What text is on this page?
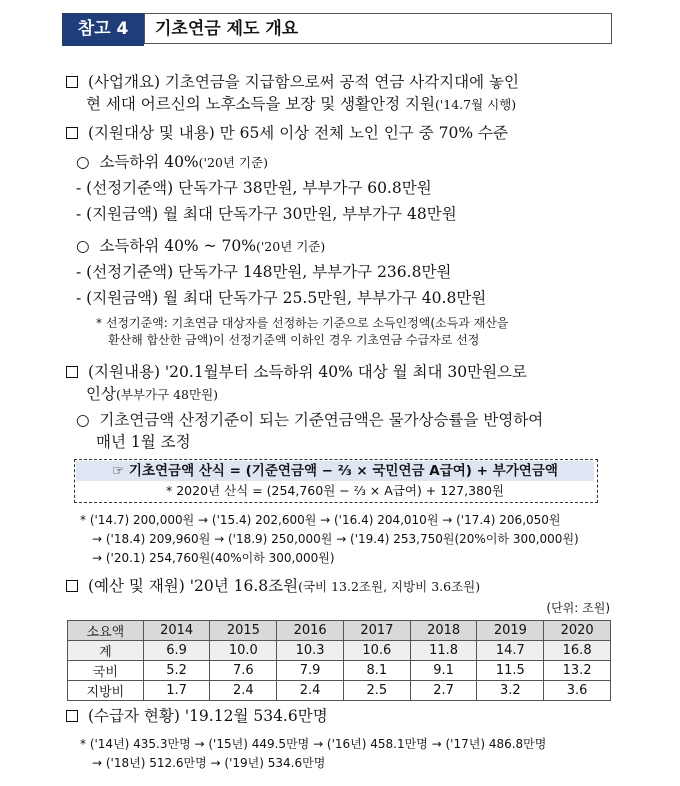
참고 4	기초연금 제도 개요
(사업개요) 기초연금을 지급함으로써 공적 연금 사각지대에 놓인
현 세대 어르신의 노후소득을 보장 및 생활안정 지원('14.7월 시행)
(지원대상 및 내용) 만 65세 이상 전체 노인 인구 중 70% 수준
○  소득하위 40%('20년 기준)
- (선정기준액) 단독가구 38만원, 부부가구 60.8만원
- (지원금액) 월 최대 단독가구 30만원, 부부가구 48만원
○  소득하위 40% ~ 70%('20년 기준)
- (선정기준액) 단독가구 148만원, 부부가구 236.8만원
- (지원금액) 월 최대 단독가구 25.5만원, 부부가구 40.8만원
* 선정기준액: 기초연금 대상자를 선정하는 기준으로 소득인정액(소득과 재산을
환산해 합산한 금액)이 선정기준액 이하인 경우 기초연금 수급자로 선정
(지원내용) '20.1월부터 소득하위 40% 대상 월 최대 30만원으로
인상(부부가구 48만원)
○  기초연금액 산정기준이 되는 기준연금액은 물가상승률을 반영하여
매년 1월 조정
☞ 기초연금액 산식 = (기준연금액 − ⅔ × 국민연금 A급여) + 부가연금액
* 2020년 산식 = (254,760원 − ⅔ × A급여) + 127,380원
* ('14.7) 200,000원 → ('15.4) 202,600원 → ('16.4) 204,010원 → ('17.4) 206,050원
→ ('18.4) 209,960원 → ('18.9) 250,000원 → ('19.4) 253,750원(20%이하 300,000원)
→ ('20.1) 254,760원(40%이하 300,000원)
(예산 및 재원) '20년 16.8조원(국비 13.2조원, 지방비 3.6조원)
(단위: 조원)
소요액	2014	2015	2016	2017	2018	2019	2020
계	6.9	10.0	10.3	10.6	11.8	14.7	16.8
국비	5.2	7.6	7.9	8.1	9.1	11.5	13.2
지방비	1.7	2.4	2.4	2.5	2.7	3.2	3.6
(수급자 현황) '19.12월 534.6만명
* ('14년) 435.3만명 → ('15년) 449.5만명 → ('16년) 458.1만명 → ('17년) 486.8만명
→ ('18년) 512.6만명 → ('19년) 534.6만명
